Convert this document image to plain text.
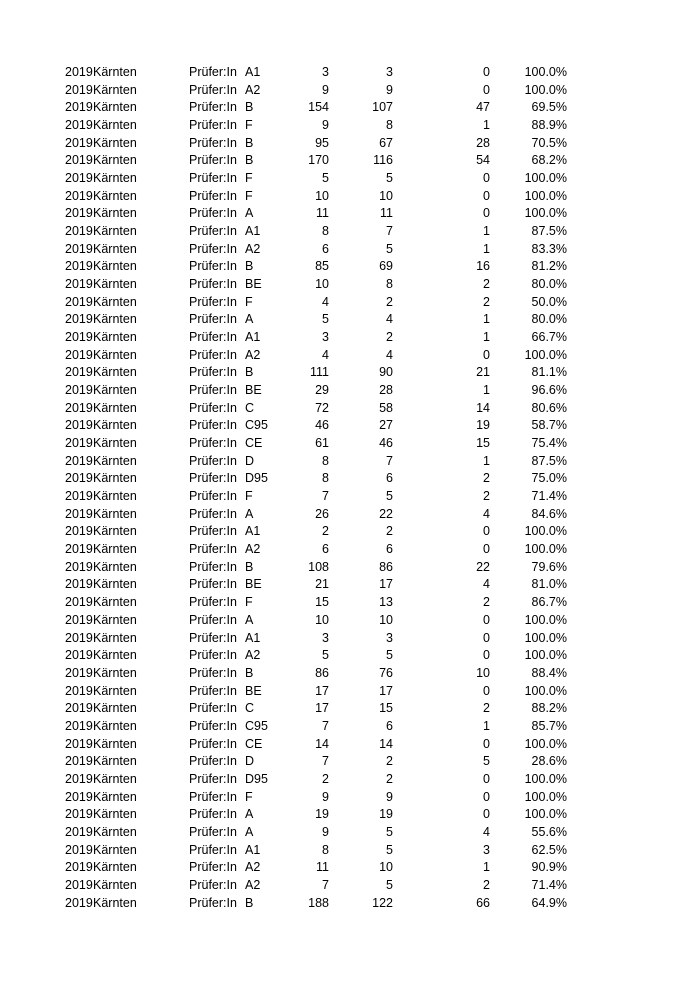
2019 Kärnten	Prüfer:In A1	3	3	0	100.0%
2019 Kärnten	Prüfer:In A2	9	9	0	100.0%
2019 Kärnten	Prüfer:In B	154	107	47	69.5%
2019 Kärnten	Prüfer:In F	9	8	1	88.9%
2019 Kärnten	Prüfer:In B	95	67	28	70.5%
2019 Kärnten	Prüfer:In B	170	116	54	68.2%
2019 Kärnten	Prüfer:In F	5	5	0	100.0%
2019 Kärnten	Prüfer:In F	10	10	0	100.0%
2019 Kärnten	Prüfer:In A	11	11	0	100.0%
2019 Kärnten	Prüfer:In A1	8	7	1	87.5%
2019 Kärnten	Prüfer:In A2	6	5	1	83.3%
2019 Kärnten	Prüfer:In B	85	69	16	81.2%
2019 Kärnten	Prüfer:In BE	10	8	2	80.0%
2019 Kärnten	Prüfer:In F	4	2	2	50.0%
2019 Kärnten	Prüfer:In A	5	4	1	80.0%
2019 Kärnten	Prüfer:In A1	3	2	1	66.7%
2019 Kärnten	Prüfer:In A2	4	4	0	100.0%
2019 Kärnten	Prüfer:In B	111	90	21	81.1%
2019 Kärnten	Prüfer:In BE	29	28	1	96.6%
2019 Kärnten	Prüfer:In C	72	58	14	80.6%
2019 Kärnten	Prüfer:In C95	46	27	19	58.7%
2019 Kärnten	Prüfer:In CE	61	46	15	75.4%
2019 Kärnten	Prüfer:In D	8	7	1	87.5%
2019 Kärnten	Prüfer:In D95	8	6	2	75.0%
2019 Kärnten	Prüfer:In F	7	5	2	71.4%
2019 Kärnten	Prüfer:In A	26	22	4	84.6%
2019 Kärnten	Prüfer:In A1	2	2	0	100.0%
2019 Kärnten	Prüfer:In A2	6	6	0	100.0%
2019 Kärnten	Prüfer:In B	108	86	22	79.6%
2019 Kärnten	Prüfer:In BE	21	17	4	81.0%
2019 Kärnten	Prüfer:In F	15	13	2	86.7%
2019 Kärnten	Prüfer:In A	10	10	0	100.0%
2019 Kärnten	Prüfer:In A1	3	3	0	100.0%
2019 Kärnten	Prüfer:In A2	5	5	0	100.0%
2019 Kärnten	Prüfer:In B	86	76	10	88.4%
2019 Kärnten	Prüfer:In BE	17	17	0	100.0%
2019 Kärnten	Prüfer:In C	17	15	2	88.2%
2019 Kärnten	Prüfer:In C95	7	6	1	85.7%
2019 Kärnten	Prüfer:In CE	14	14	0	100.0%
2019 Kärnten	Prüfer:In D	7	2	5	28.6%
2019 Kärnten	Prüfer:In D95	2	2	0	100.0%
2019 Kärnten	Prüfer:In F	9	9	0	100.0%
2019 Kärnten	Prüfer:In A	19	19	0	100.0%
2019 Kärnten	Prüfer:In A	9	5	4	55.6%
2019 Kärnten	Prüfer:In A1	8	5	3	62.5%
2019 Kärnten	Prüfer:In A2	11	10	1	90.9%
2019 Kärnten	Prüfer:In A2	7	5	2	71.4%
2019 Kärnten	Prüfer:In B	188	122	66	64.9%
